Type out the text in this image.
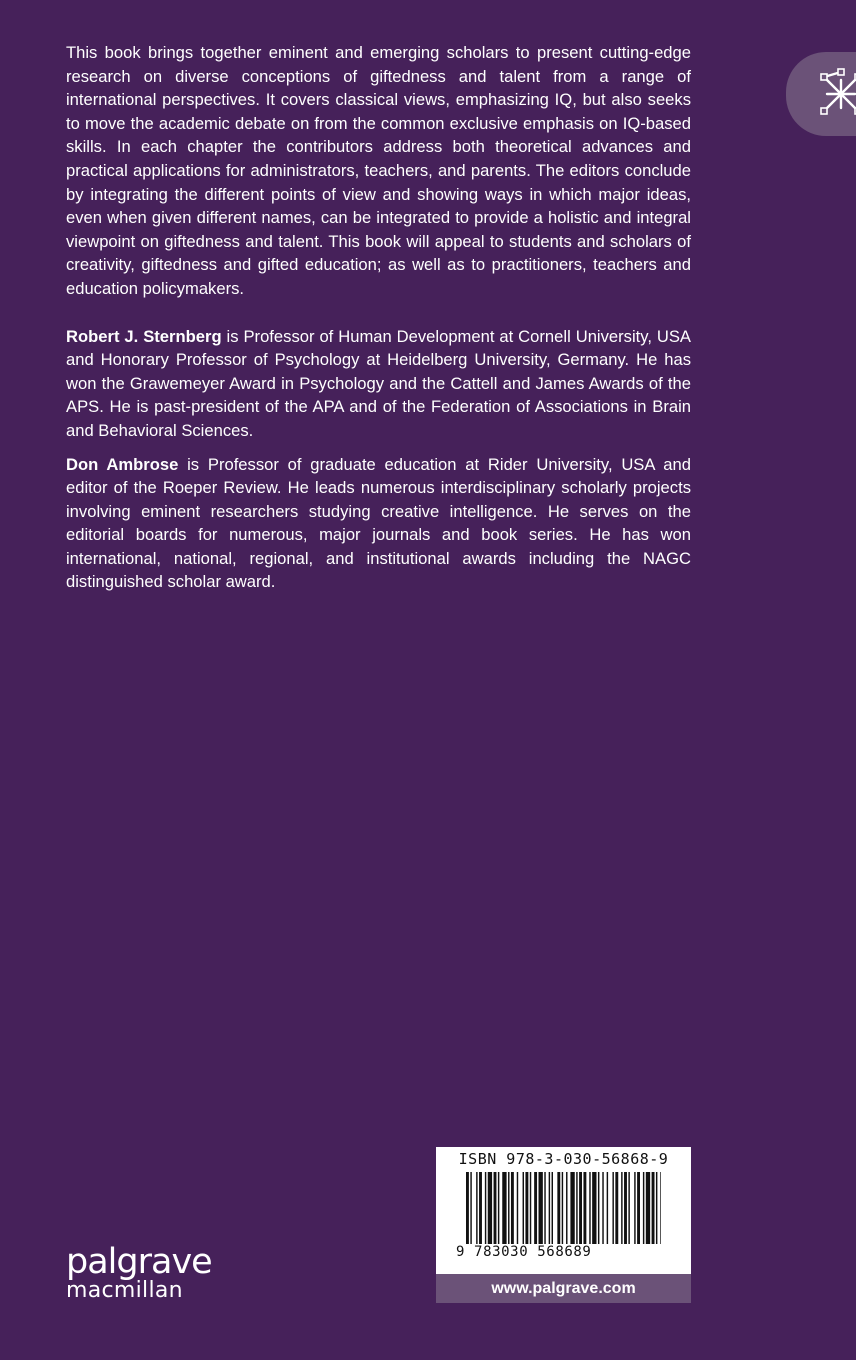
This book brings together eminent and emerging scholars to present cutting-edge research on diverse conceptions of giftedness and talent from a range of international perspectives. It covers classical views, emphasizing IQ, but also seeks to move the academic debate on from the common exclusive emphasis on IQ-based skills. In each chapter the contributors address both theoretical advances and practical applications for administrators, teachers, and parents. The editors conclude by integrating the different points of view and showing ways in which major ideas, even when given different names, can be integrated to provide a holistic and integral viewpoint on giftedness and talent. This book will appeal to students and scholars of creativity, giftedness and gifted education; as well as to practitioners, teachers and education policymakers.

Robert J. Sternberg is Professor of Human Development at Cornell University, USA and Honorary Professor of Psychology at Heidelberg University, Germany. He has won the Grawemeyer Award in Psychology and the Cattell and James Awards of the APS. He is past-president of the APA and of the Federation of Associations in Brain and Behavioral Sciences.

Don Ambrose is Professor of graduate education at Rider University, USA and editor of the Roeper Review. He leads numerous interdisciplinary scholarly projects involving eminent researchers studying creative intelligence. He serves on the editorial boards for numerous, major journals and book series. He has won international, national, regional, and institutional awards including the NAGC distinguished scholar award.

ISBN 978-3-030-56868-9
9 783030 568689
www.palgrave.com
palgrave
macmillan
